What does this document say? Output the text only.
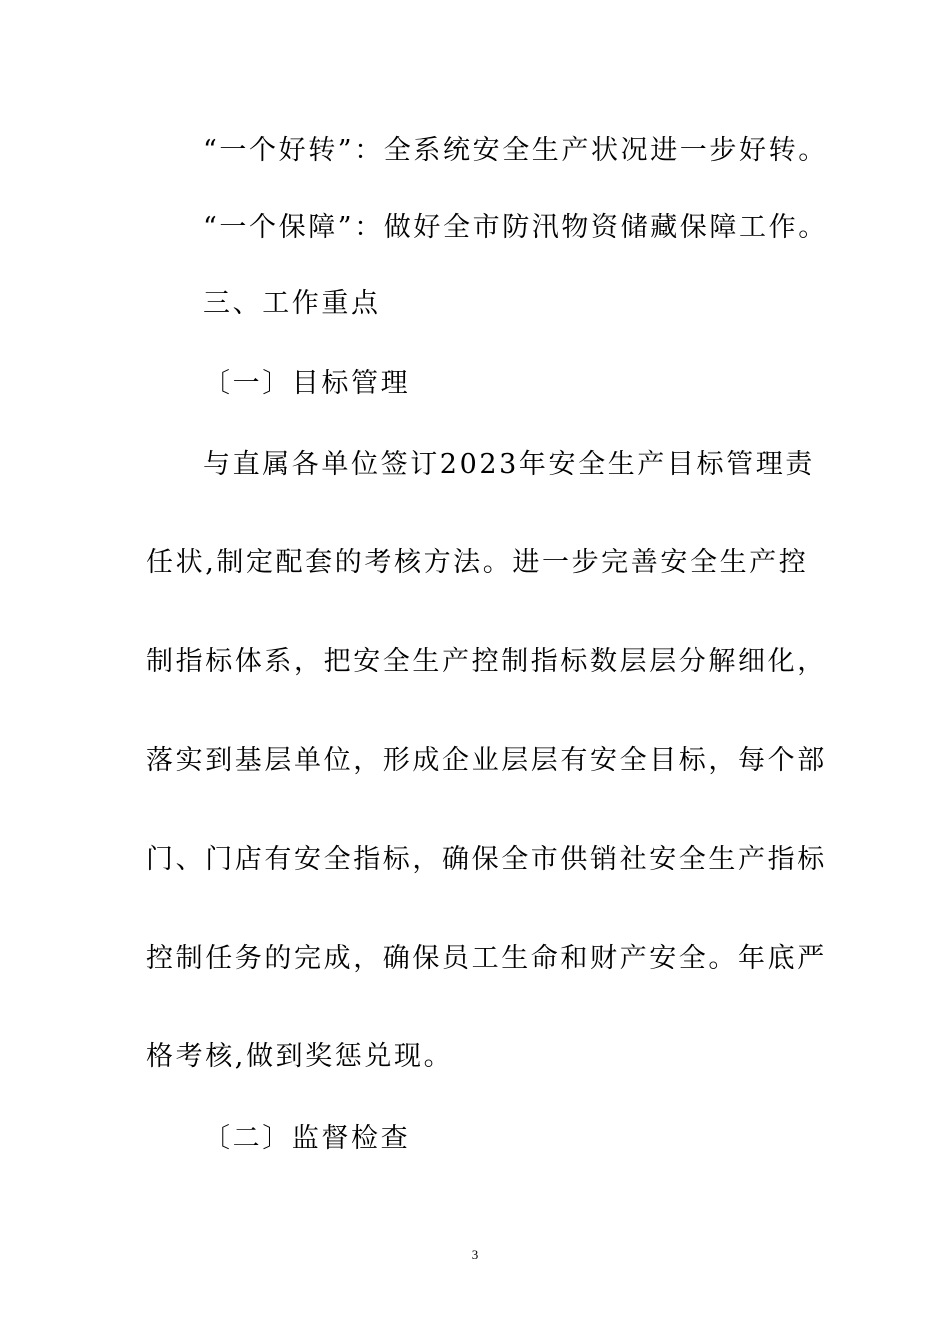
“一个好转”：全系统安全生产状况进一步好转。
“一个保障”：做好全市防汛物资储藏保障工作。
三、工作重点
〔一〕目标管理
与直属各单位签订2023年安全生产目标管理责
任状,制定配套的考核方法。进一步完善安全生产控
制指标体系，把安全生产控制指标数层层分解细化，
落实到基层单位，形成企业层层有安全目标，每个部
门、门店有安全指标，确保全市供销社安全生产指标
控制任务的完成，确保员工生命和财产安全。年底严
格考核,做到奖惩兑现。
〔二〕监督检查
3
